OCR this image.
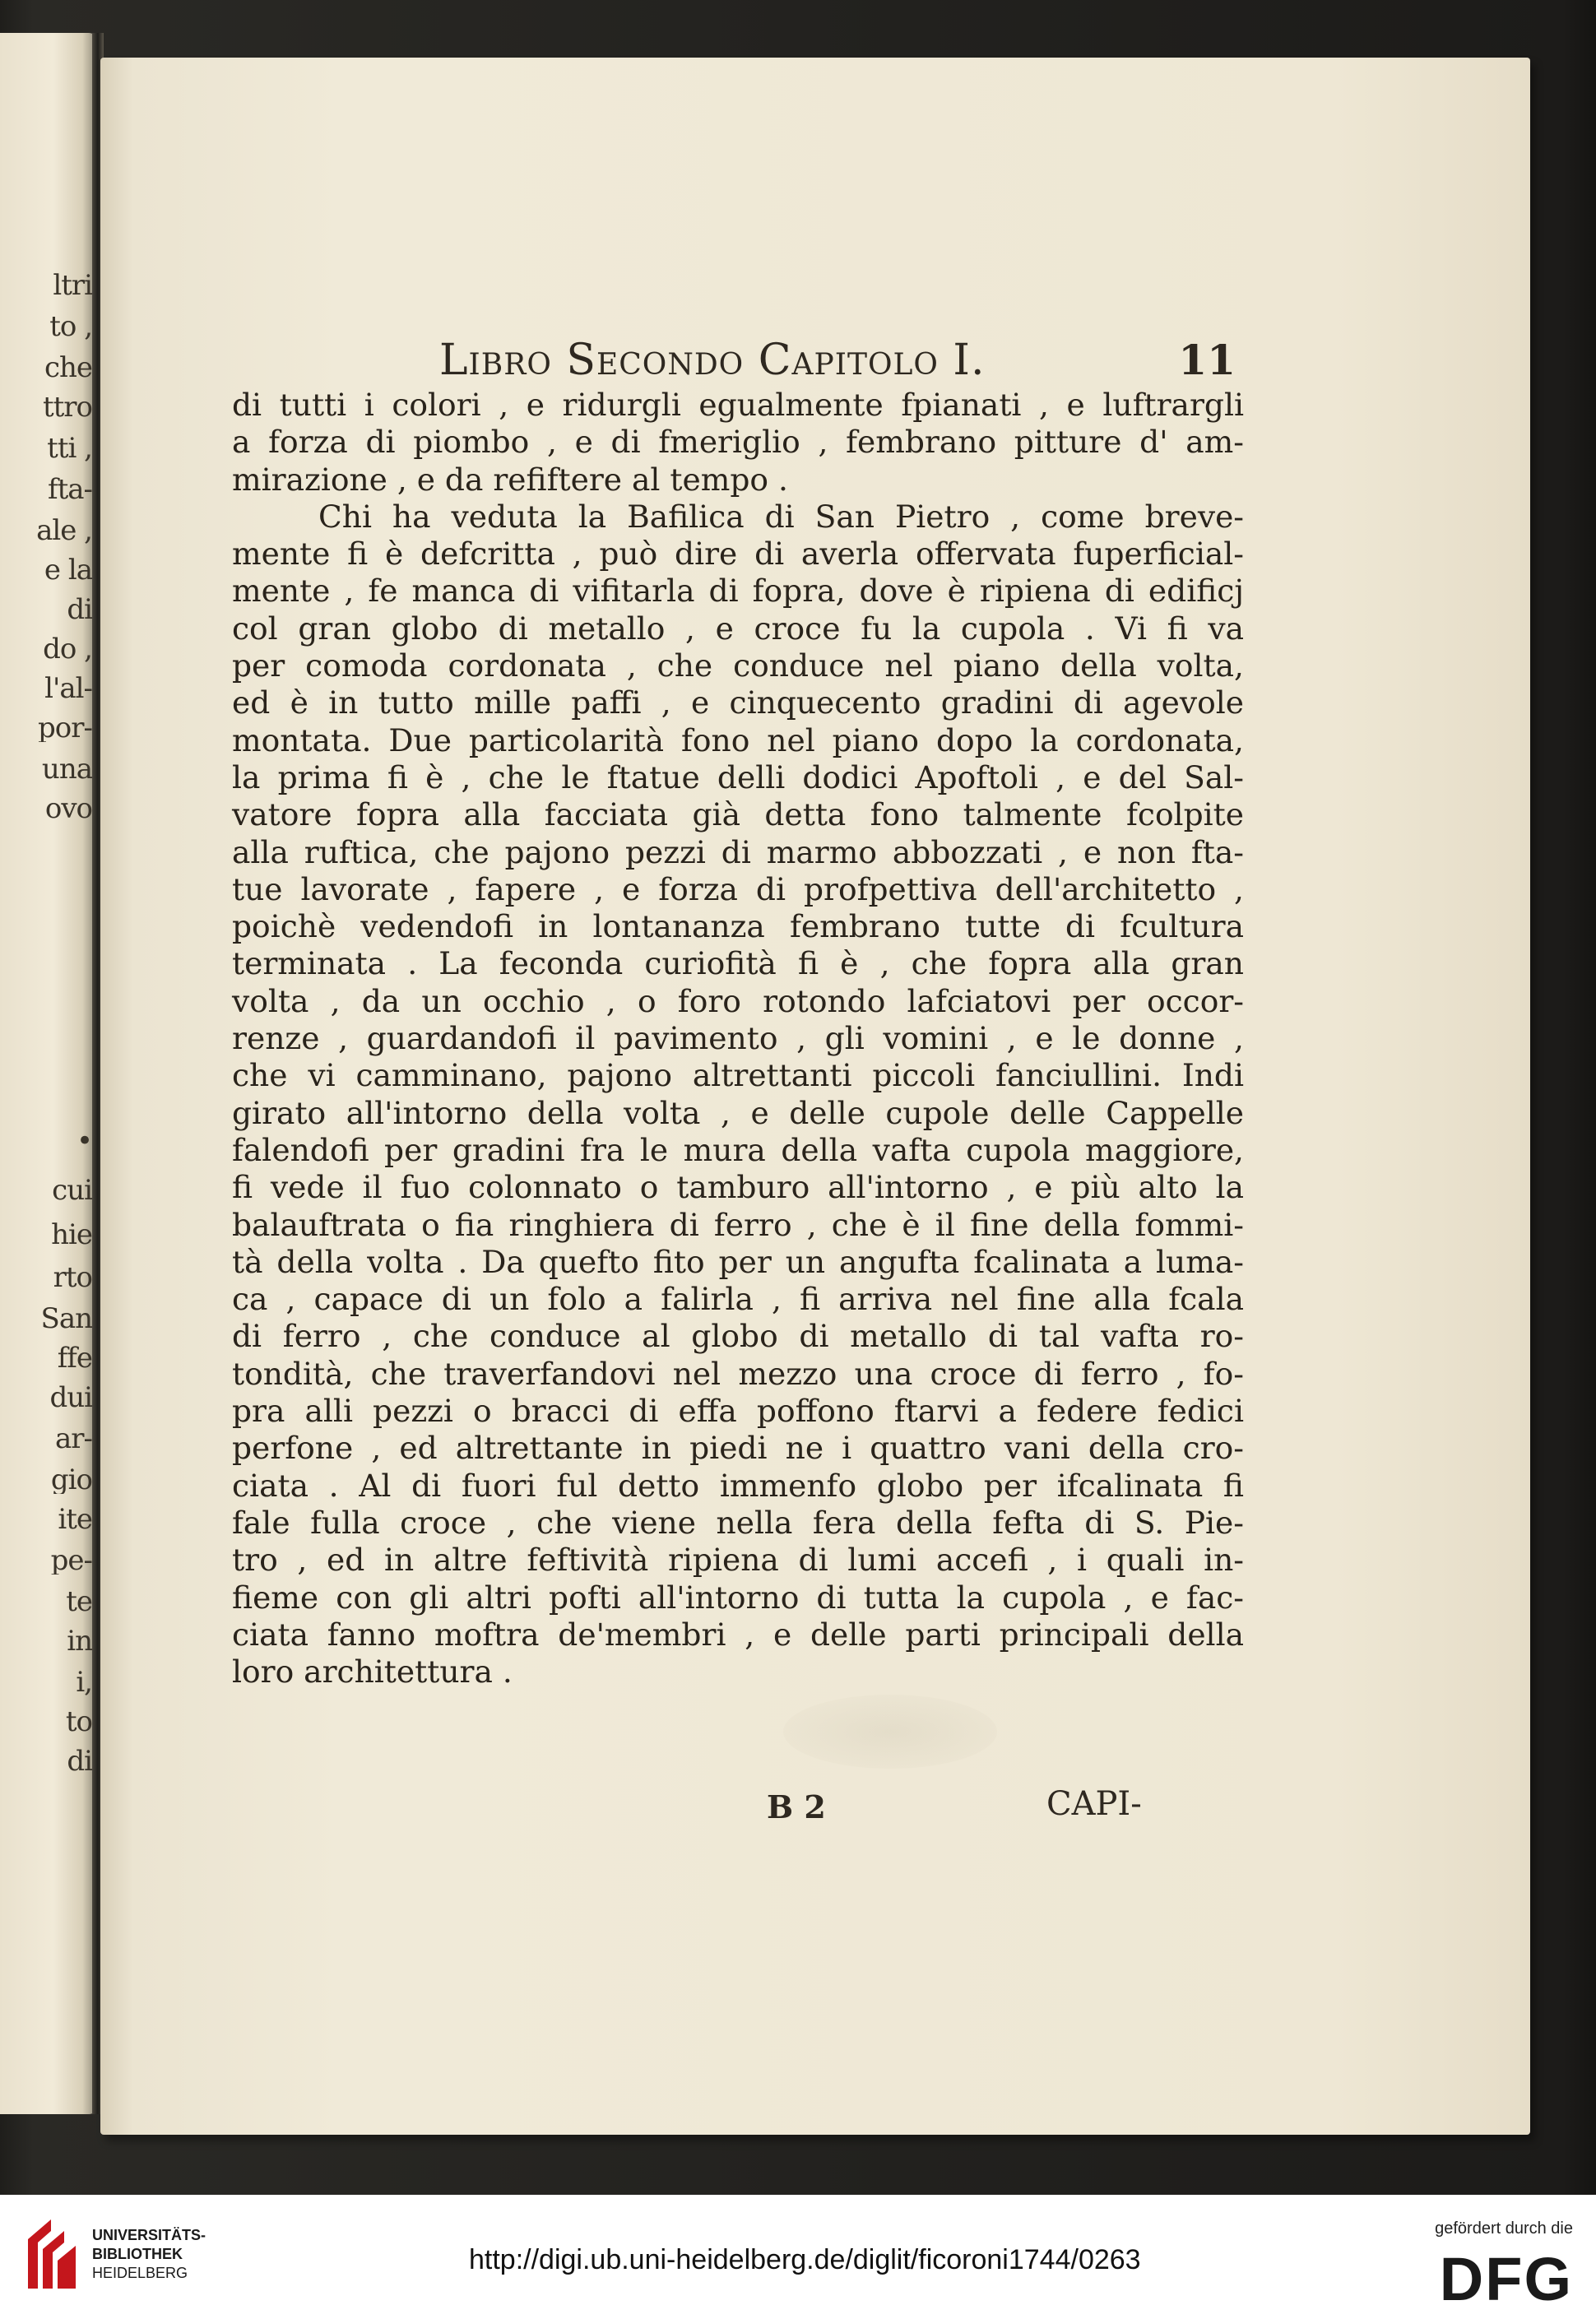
ltri
to ,
che
ttro
tti ,
fta-
ale ,
e la
di
do ,
l'al-
por-
una
ovo
•
cui
hie
rto
San
ffe
dui
ar-
gio
ite
pe-
te
in
i,
to
di
Libro Secondo Capitolo I.	11
di tutti i colori , e ridurgli egualmente fpianati , e luftrargli
a forza di piombo , e di fmeriglio , fembrano pitture d' am-
mirazione , e da refiftere al tempo .
Chi ha veduta la Bafilica di San Pietro , come breve-
mente fi è defcritta , può dire di averla offervata fuperficial-
mente , fe manca di vifitarla di fopra, dove è ripiena di edificj
col gran globo di metallo , e croce fu la cupola . Vi fi va
per comoda cordonata , che conduce nel piano della volta,
ed è in tutto mille paffi , e cinquecento gradini di agevole
montata. Due particolarità fono nel piano dopo la cordonata,
la prima fi è , che le ftatue delli dodici Apoftoli , e del Sal-
vatore fopra alla facciata già detta fono talmente fcolpite
alla ruftica, che pajono pezzi di marmo abbozzati , e non fta-
tue lavorate , fapere , e forza di profpettiva dell'architetto ,
poichè vedendofi in lontananza fembrano tutte di fcultura
terminata . La feconda curiofità fi è , che fopra alla gran
volta , da un occhio , o foro rotondo lafciatovi per occor-
renze , guardandofi il pavimento , gli vomini , e le donne ,
che vi camminano, pajono altrettanti piccoli fanciullini. Indi
girato all'intorno della volta , e delle cupole delle Cappelle
falendofi per gradini fra le mura della vafta cupola maggiore,
fi vede il fuo colonnato o tamburo all'intorno , e più alto la
balauftrata o fia ringhiera di ferro , che è il fine della fommi-
tà della volta . Da quefto fito per un angufta fcalinata a luma-
ca , capace di un folo a falirla , fi arriva nel fine alla fcala
di ferro , che conduce al globo di metallo di tal vafta ro-
tondità, che traverfandovi nel mezzo una croce di ferro , fo-
pra alli pezzi o bracci di effa poffono ftarvi a federe fedici
perfone , ed altrettante in piedi ne i quattro vani della cro-
ciata . Al di fuori ful detto immenfo globo per ifcalinata fi
fale fulla croce , che viene nella fera della fefta di S. Pie-
tro , ed in altre feftività ripiena di lumi accefi , i quali in-
fieme con gli altri pofti all'intorno di tutta la cupola , e fac-
ciata fanno moftra de'membri , e delle parti principali della
loro architettura .
B 2	CAPI-
UNIVERSITÄTS-
BIBLIOTHEK
HEIDELBERG	http://digi.ub.uni-heidelberg.de/diglit/ficoroni1744/0263
gefördert durch die
DFG
